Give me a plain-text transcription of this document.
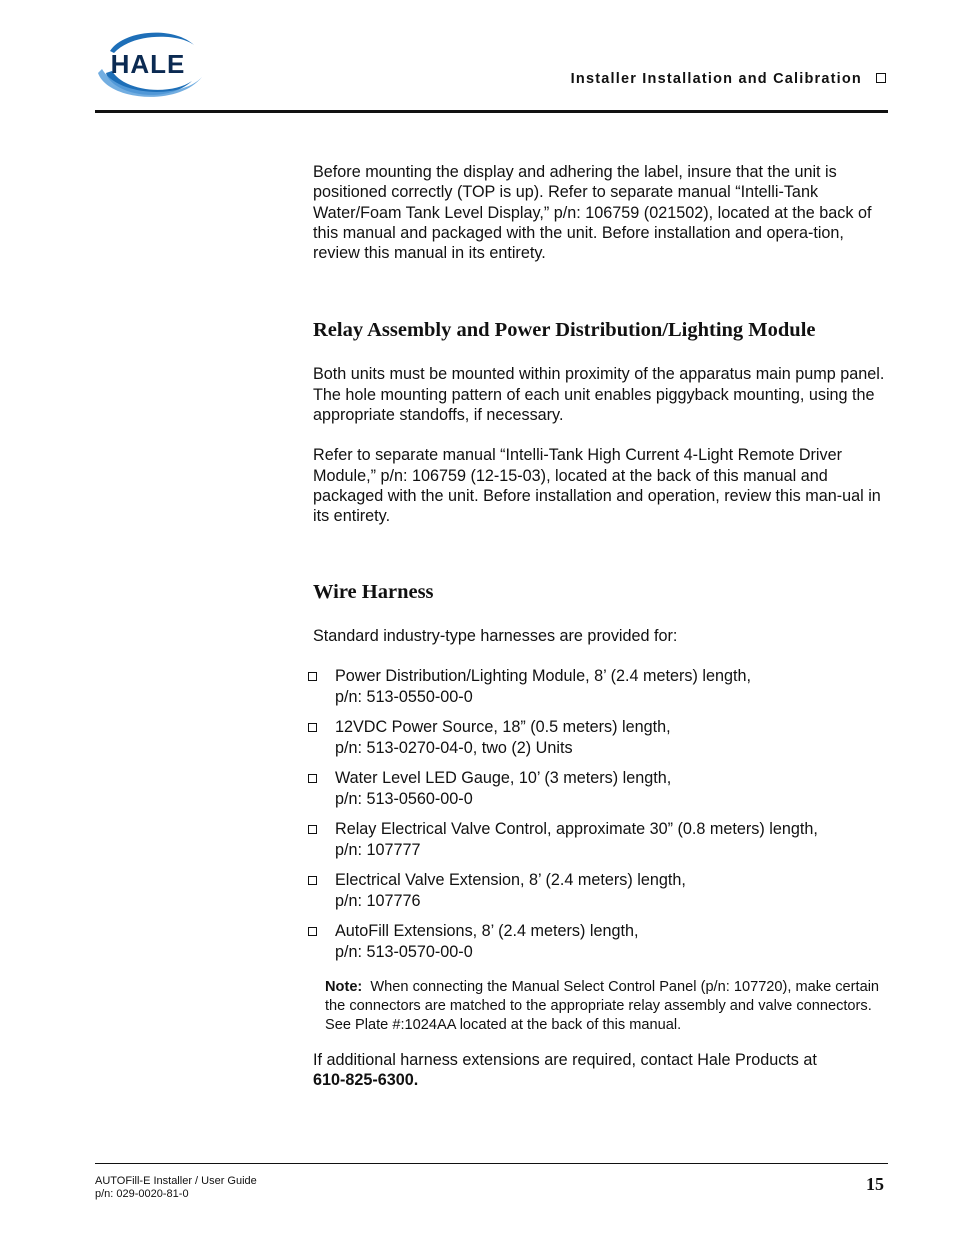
HALE	Installer Installation and Calibration

Before mounting the display and adhering the label, insure that the unit is positioned correctly (TOP is up). Refer to separate manual “Intelli-Tank Water/Foam Tank Level Display,” p/n: 106759 (021502), located at the back of this manual and packaged with the unit. Before installation and opera-tion, review this manual in its entirety.

Relay Assembly and Power Distribution/Lighting Module

Both units must be mounted within proximity of the apparatus main pump panel. The hole mounting pattern of each unit enables piggyback mounting, using the appropriate standoffs, if necessary.

Refer to separate manual “Intelli-Tank High Current 4-Light Remote Driver Module,” p/n: 106759 (12-15-03), located at the back of this manual and packaged with the unit. Before installation and operation, review this man-ual in its entirety.

Wire Harness

Standard industry-type harnesses are provided for:

Power Distribution/Lighting Module, 8’ (2.4 meters) length,
p/n: 513-0550-00-0
12VDC Power Source, 18” (0.5 meters) length,
p/n: 513-0270-04-0, two (2) Units
Water Level LED Gauge, 10’ (3 meters) length,
p/n: 513-0560-00-0
Relay Electrical Valve Control, approximate 30” (0.8 meters) length,
p/n: 107777
Electrical Valve Extension, 8’ (2.4 meters) length,
p/n: 107776
AutoFill Extensions, 8’ (2.4 meters) length,
p/n: 513-0570-00-0

Note: When connecting the Manual Select Control Panel (p/n: 107720), make certain the connectors are matched to the appropriate relay assembly and valve connectors. See Plate #:1024AA located at the back of this manual.

If additional harness extensions are required, contact Hale Products at
610-825-6300.

AUTOFill-E Installer / User Guide
p/n: 029-0020-81-0	15
